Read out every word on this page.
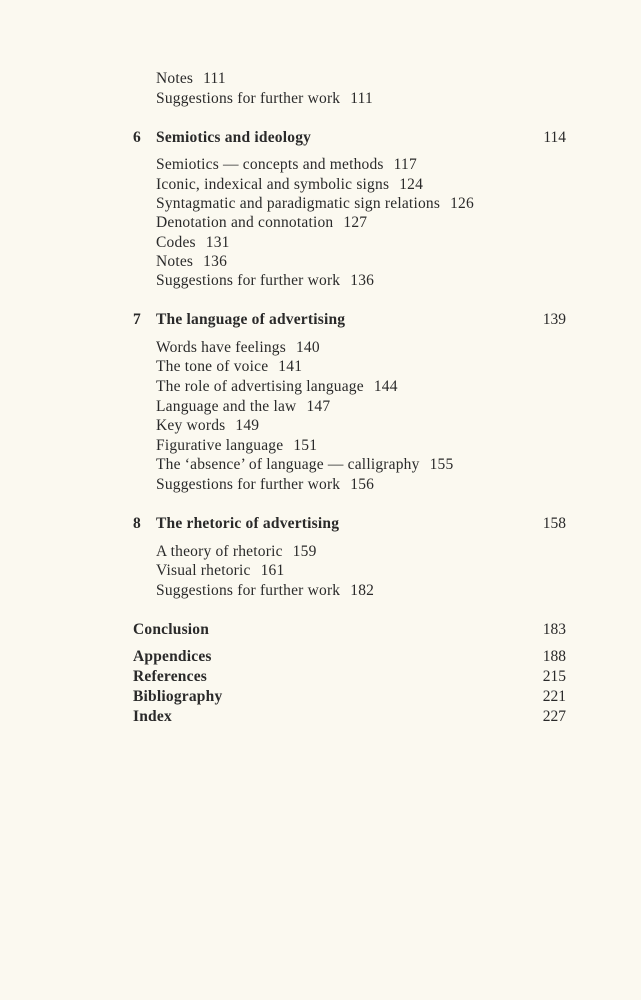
Notes 111
Suggestions for further work 111
6 Semiotics and ideology	114
Semiotics — concepts and methods 117
Iconic, indexical and symbolic signs 124
Syntagmatic and paradigmatic sign relations 126
Denotation and connotation 127
Codes 131
Notes 136
Suggestions for further work 136
7 The language of advertising	139
Words have feelings 140
The tone of voice 141
The role of advertising language 144
Language and the law 147
Key words 149
Figurative language 151
The ‘absence’ of language — calligraphy 155
Suggestions for further work 156
8 The rhetoric of advertising	158
A theory of rhetoric 159
Visual rhetoric 161
Suggestions for further work 182
Conclusion	183
Appendices	188
References	215
Bibliography	221
Index	227
